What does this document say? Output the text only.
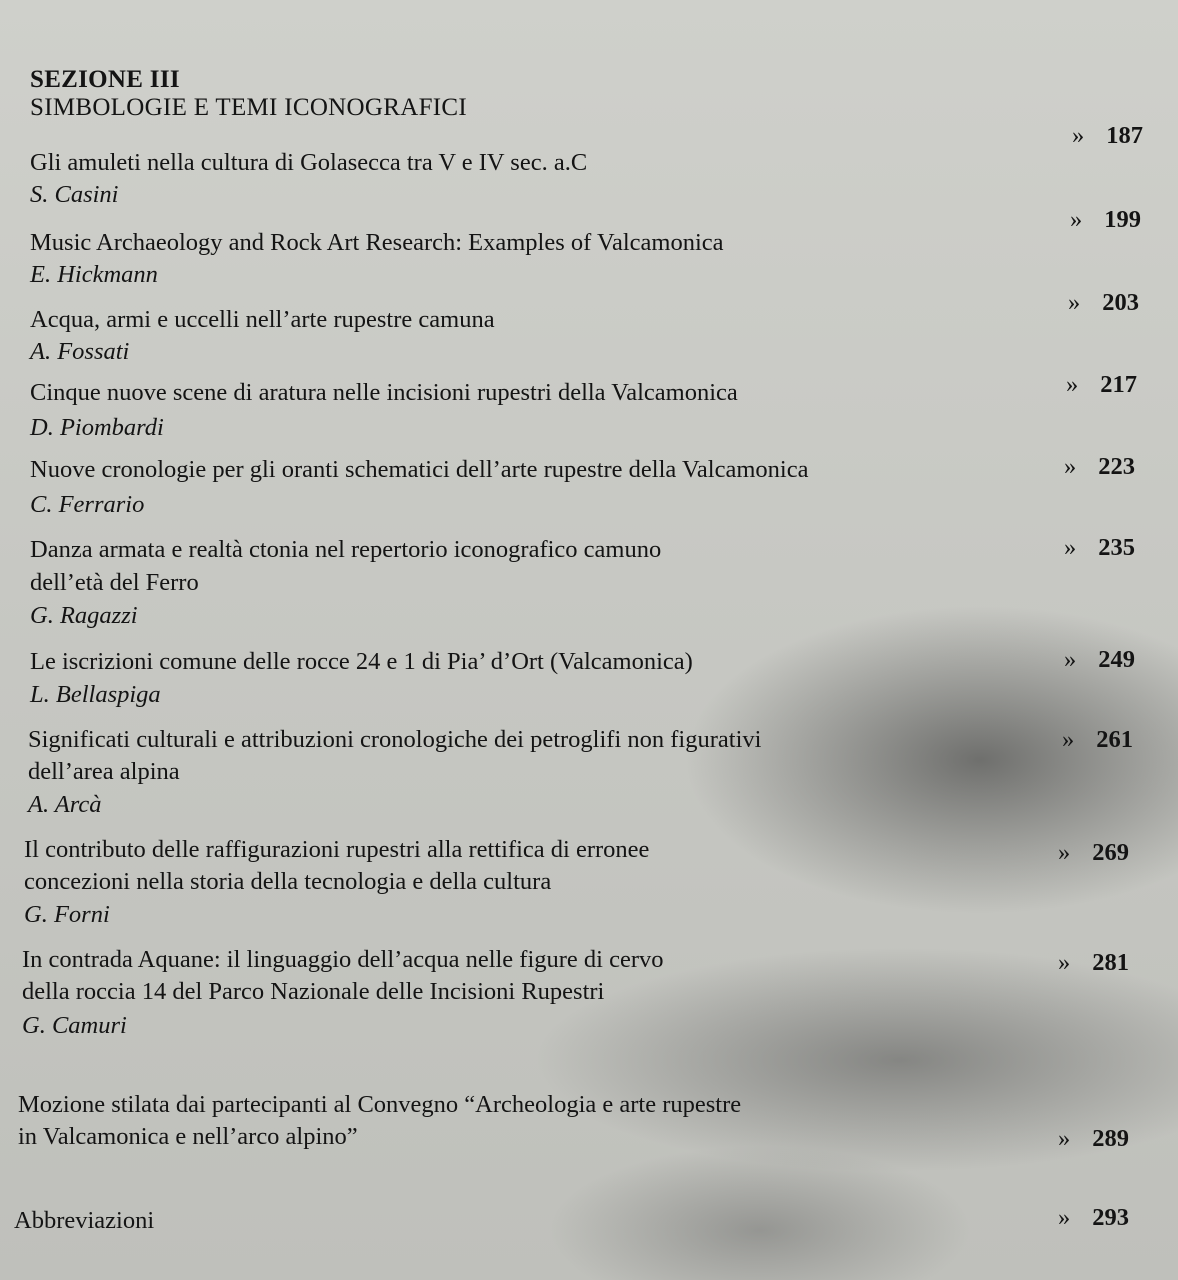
SEZIONE III
SIMBOLOGIE E TEMI ICONOGRAFICI
Gli amuleti nella cultura di Golasecca tra V e IV sec. a.C
S. Casini
» 187
Music Archaeology and Rock Art Research: Examples of Valcamonica
E. Hickmann
» 199
Acqua, armi e uccelli nell’arte rupestre camuna
A. Fossati
» 203
Cinque nuove scene di aratura nelle incisioni rupestri della Valcamonica
D. Piombardi
» 217
Nuove cronologie per gli oranti schematici dell’arte rupestre della Valcamonica
C. Ferrario
» 223
Danza armata e realtà ctonia nel repertorio iconografico camuno
dell’età del Ferro
G. Ragazzi
» 235
Le iscrizioni comune delle rocce 24 e 1 di Pia’ d’Ort (Valcamonica)
L. Bellaspiga
» 249
Significati culturali e attribuzioni cronologiche dei petroglifi non figurativi
dell’area alpina
A. Arcà
» 261
Il contributo delle raffigurazioni rupestri alla rettifica di erronee
concezioni nella storia della tecnologia e della cultura
G. Forni
» 269
In contrada Aquane: il linguaggio dell’acqua nelle figure di cervo
della roccia 14 del Parco Nazionale delle Incisioni Rupestri
G. Camuri
» 281
Mozione stilata dai partecipanti al Convegno “Archeologia e arte rupestre
in Valcamonica e nell’arco alpino”	» 289
Abbreviazioni	» 293
